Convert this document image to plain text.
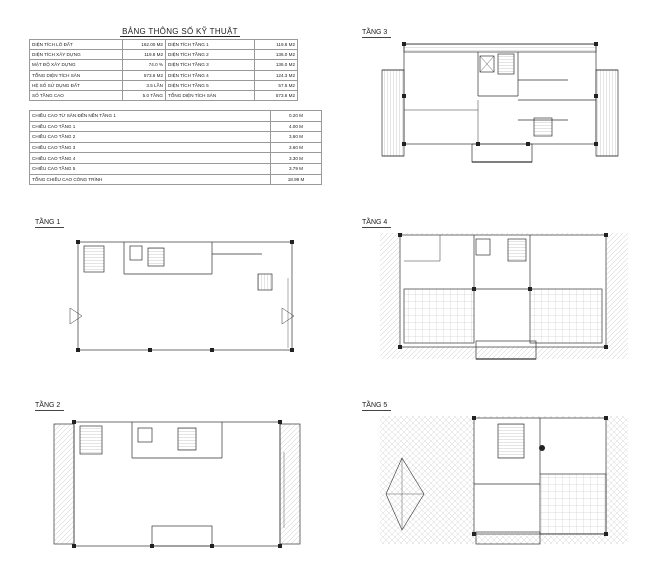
BẢNG THÔNG SỐ KỸ THUẬT
DIỆN TÍCH LÔ ĐẤT	162.00 M2	DIỆN TÍCH TẦNG 1	119.8 M2
DIỆN TÍCH XÂY DỰNG	119.8 M2	DIỆN TÍCH TẦNG 2	136.0 M2
MẬT ĐỘ XÂY DỰNG	74.0 %	DIỆN TÍCH TẦNG 3	136.0 M2
TỔNG DIỆN TÍCH SÀN	573.6 M2	DIỆN TÍCH TẦNG 4	124.3 M2
HỆ SỐ SỬ DỤNG ĐẤT	3.5 LẦN	DIỆN TÍCH TẦNG 5	57.5 M2
SỐ TẦNG CAO	5.0 TẦNG	TỔNG DIỆN TÍCH SÀN	573.6 M2
CHIỀU CAO TỪ SÂN ĐẾN NỀN TẦNG 1	0.20 M
CHIỀU CAO TẦNG 1	4.00 M
CHIỀU CAO TẦNG 2	3.60 M
CHIỀU CAO TẦNG 3	3.60 M
CHIỀU CAO TẦNG 4	3.30 M
CHIỀU CAO TẦNG 5	3.79 M
TỔNG CHIỀU CAO CÔNG TRÌNH	18.99 M
TẦNG 3
TẦNG 1	TẦNG 4
TẦNG 2	TẦNG 5
